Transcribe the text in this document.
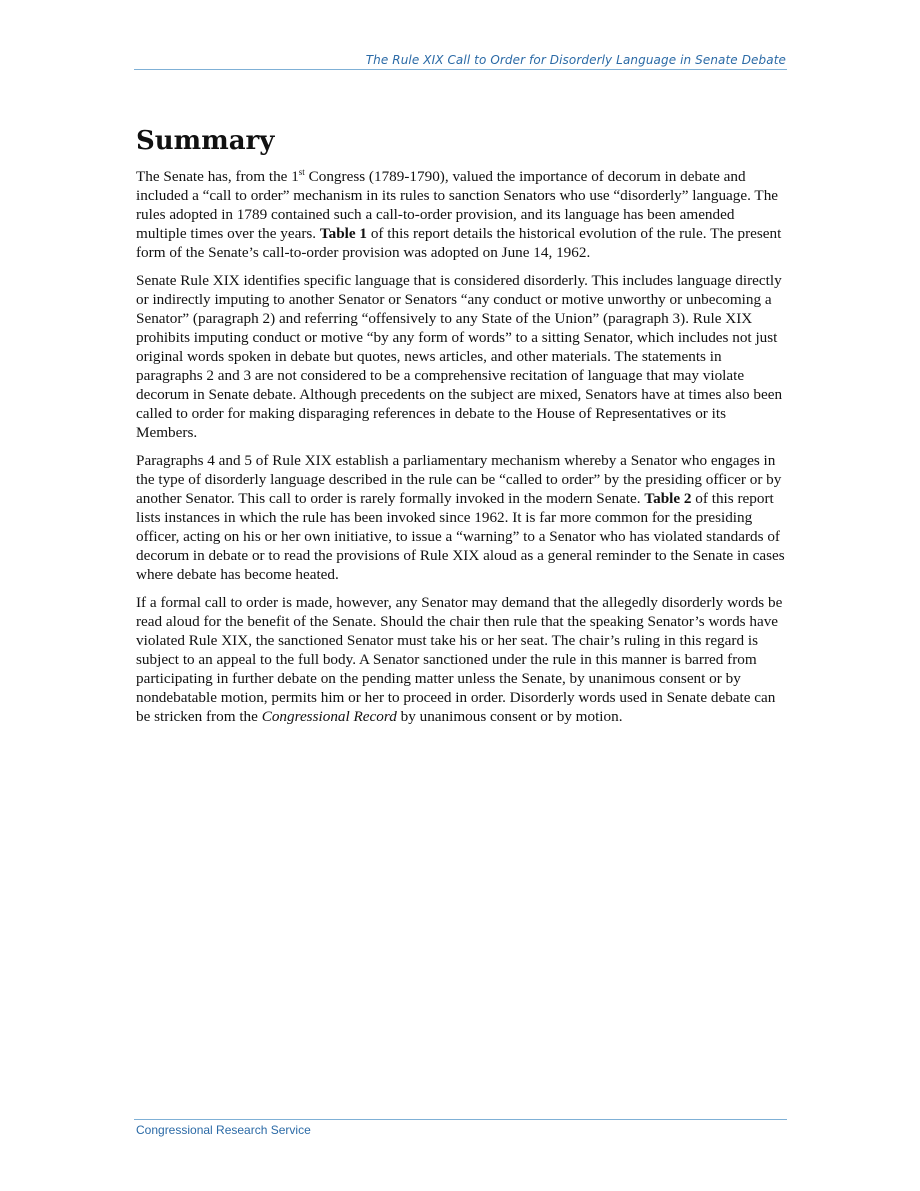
The Rule XIX Call to Order for Disorderly Language in Senate Debate
Summary

The Senate has, from the 1st Congress (1789-1790), valued the importance of decorum in debate and included a “call to order” mechanism in its rules to sanction Senators who use “disorderly” language. The rules adopted in 1789 contained such a call-to-order provision, and its language has been amended multiple times over the years. Table 1 of this report details the historical evolution of the rule. The present form of the Senate’s call-to-order provision was adopted on June 14, 1962.

Senate Rule XIX identifies specific language that is considered disorderly. This includes language directly or indirectly imputing to another Senator or Senators “any conduct or motive unworthy or unbecoming a Senator” (paragraph 2) and referring “offensively to any State of the Union” (paragraph 3). Rule XIX prohibits imputing conduct or motive “by any form of words” to a sitting Senator, which includes not just original words spoken in debate but quotes, news articles, and other materials. The statements in paragraphs 2 and 3 are not considered to be a comprehensive recitation of language that may violate decorum in Senate debate. Although precedents on the subject are mixed, Senators have at times also been called to order for making disparaging references in debate to the House of Representatives or its Members.

Paragraphs 4 and 5 of Rule XIX establish a parliamentary mechanism whereby a Senator who engages in the type of disorderly language described in the rule can be “called to order” by the presiding officer or by another Senator. This call to order is rarely formally invoked in the modern Senate. Table 2 of this report lists instances in which the rule has been invoked since 1962. It is far more common for the presiding officer, acting on his or her own initiative, to issue a “warning” to a Senator who has violated standards of decorum in debate or to read the provisions of Rule XIX aloud as a general reminder to the Senate in cases where debate has become heated.

If a formal call to order is made, however, any Senator may demand that the allegedly disorderly words be read aloud for the benefit of the Senate. Should the chair then rule that the speaking Senator’s words have violated Rule XIX, the sanctioned Senator must take his or her seat. The chair’s ruling in this regard is subject to an appeal to the full body. A Senator sanctioned under the rule in this manner is barred from participating in further debate on the pending matter unless the Senate, by unanimous consent or by nondebatable motion, permits him or her to proceed in order. Disorderly words used in Senate debate can be stricken from the Congressional Record by unanimous consent or by motion.

Congressional Research Service
